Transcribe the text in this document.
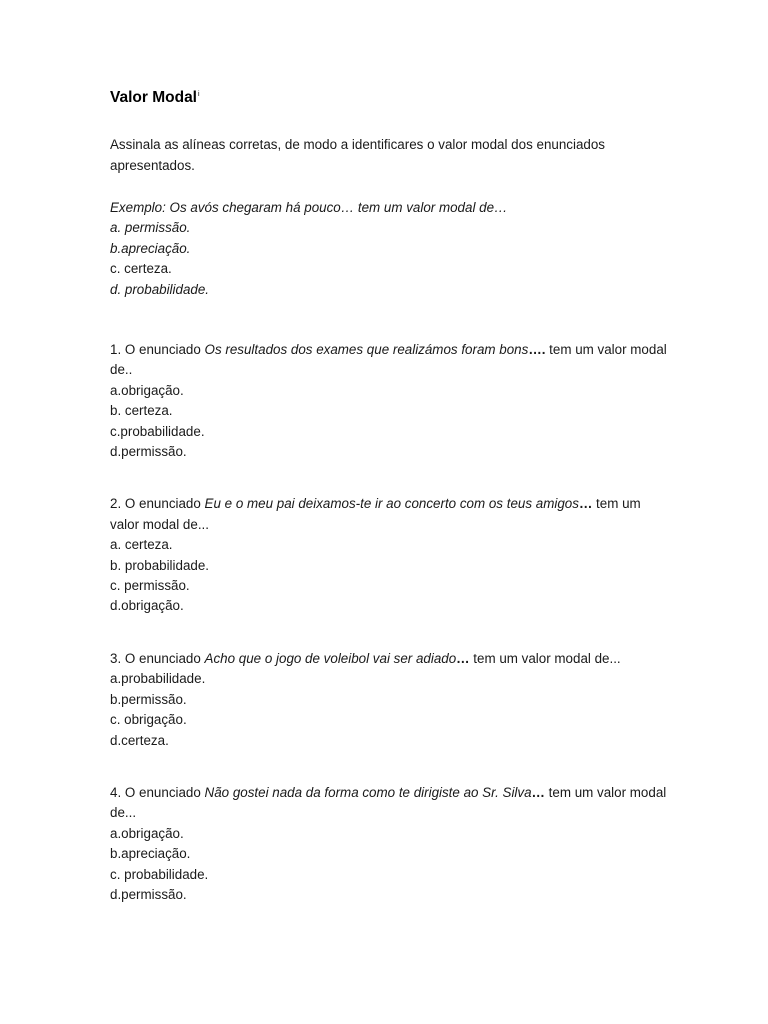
Valor Modal$^i$
Assinala as alíneas corretas, de modo a identificares o valor modal dos enunciados apresentados.
Exemplo: Os avós chegaram há pouco… tem um valor modal de…
a. permissão.
b.apreciação.
c. certeza.
d. probabilidade.
1. O enunciado Os resultados dos exames que realizámos foram bons…. tem um valor modal de..
a.obrigação.
b. certeza.
c.probabilidade.
d.permissão.
2. O enunciado Eu e o meu pai deixamos-te ir ao concerto com os teus amigos… tem um valor modal de...
a. certeza.
b. probabilidade.
c. permissão.
d.obrigação.
3. O enunciado Acho que o jogo de voleibol vai ser adiado… tem um valor modal de...
a.probabilidade.
b.permissão.
c. obrigação.
d.certeza.
4. O enunciado Não gostei nada da forma como te dirigiste ao Sr. Silva… tem um valor modal de...
a.obrigação.
b.apreciação.
c. probabilidade.
d.permissão.
